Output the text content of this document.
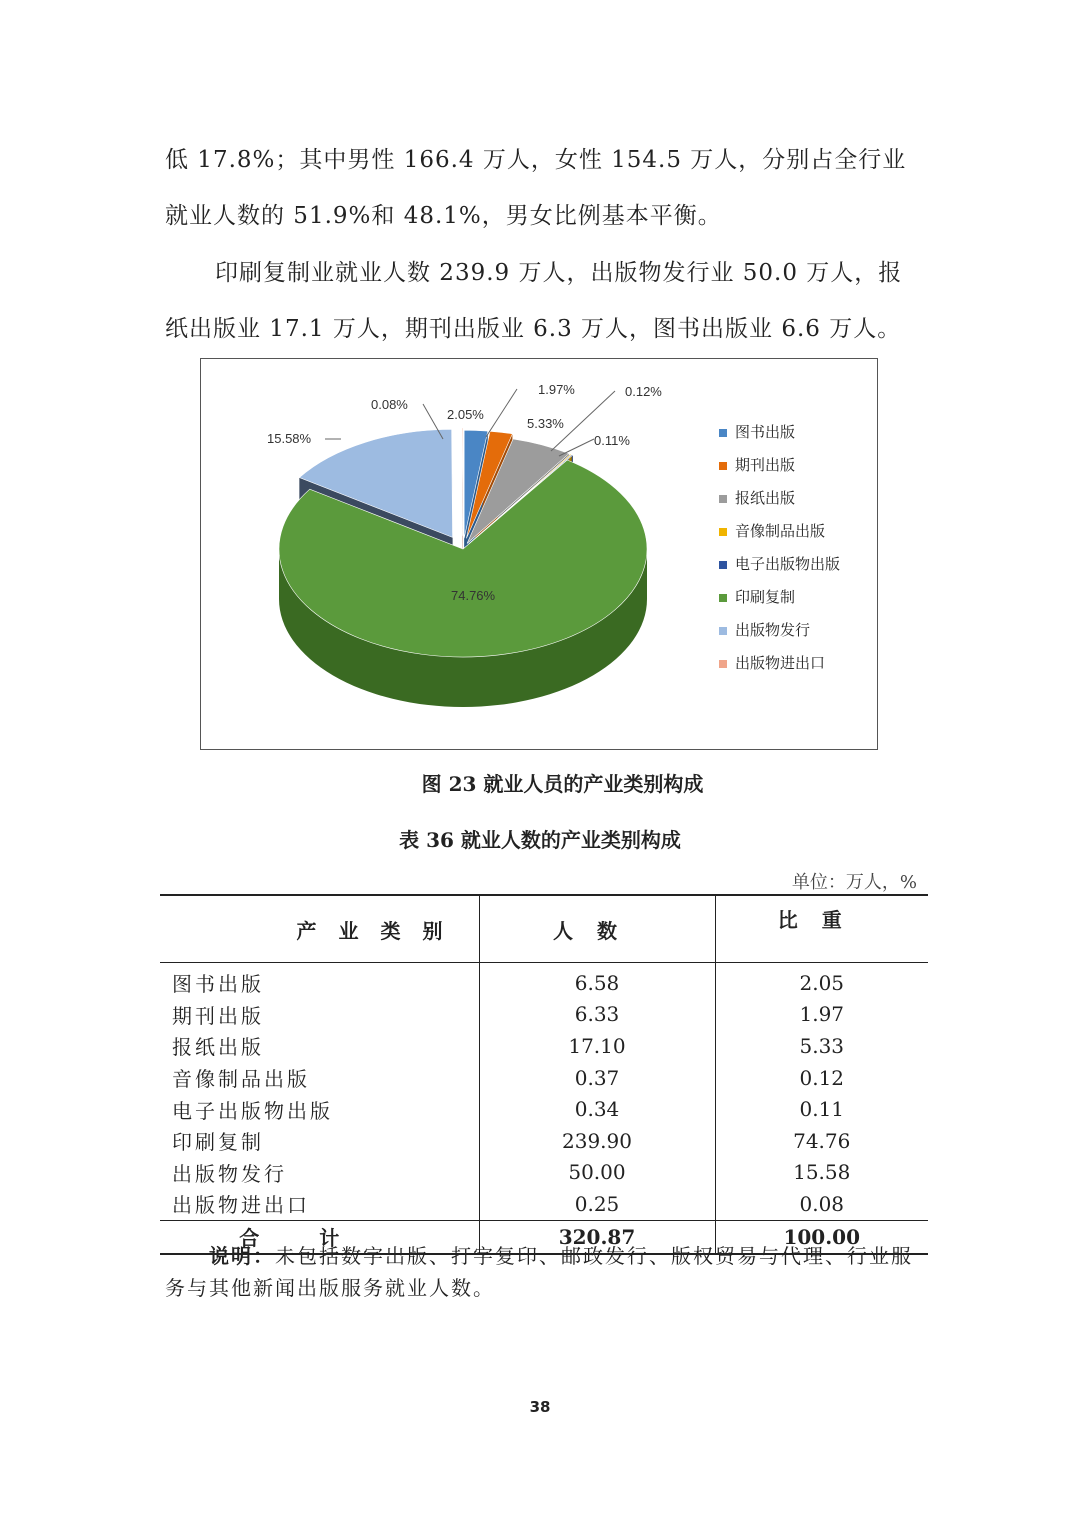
低 17.8%；其中男性 166.4 万人，女性 154.5 万人，分别占全行业就业人数的 51.9%和 48.1%，男女比例基本平衡。

印刷复制业就业人数 239.9 万人，出版物发行业 50.0 万人，报纸出版业 17.1 万人，期刊出版业 6.3 万人，图书出版业 6.6 万人。

2.05%
1.97%
5.33%
0.12%
0.11%
74.76%
15.58%
0.08%
图书出版
期刊出版
报纸出版
音像制品出版
电子出版物出版
印刷复制
出版物发行
出版物进出口

图 23 就业人员的产业类别构成

表 36 就业人数的产业类别构成

单位：万人，%
产业类别	人数	比重
图书出版	6.58	2.05
期刊出版	6.33	1.97
报纸出版	17.10	5.33
音像制品出版	0.37	0.12
电子出版物出版	0.34	0.11
印刷复制	239.90	74.76
出版物发行	50.00	15.58
出版物进出口	0.25	0.08
合计	320.87	100.00

说明：未包括数字出版、打字复印、邮政发行、版权贸易与代理、行业服务与其他新闻出版服务就业人数。

38
